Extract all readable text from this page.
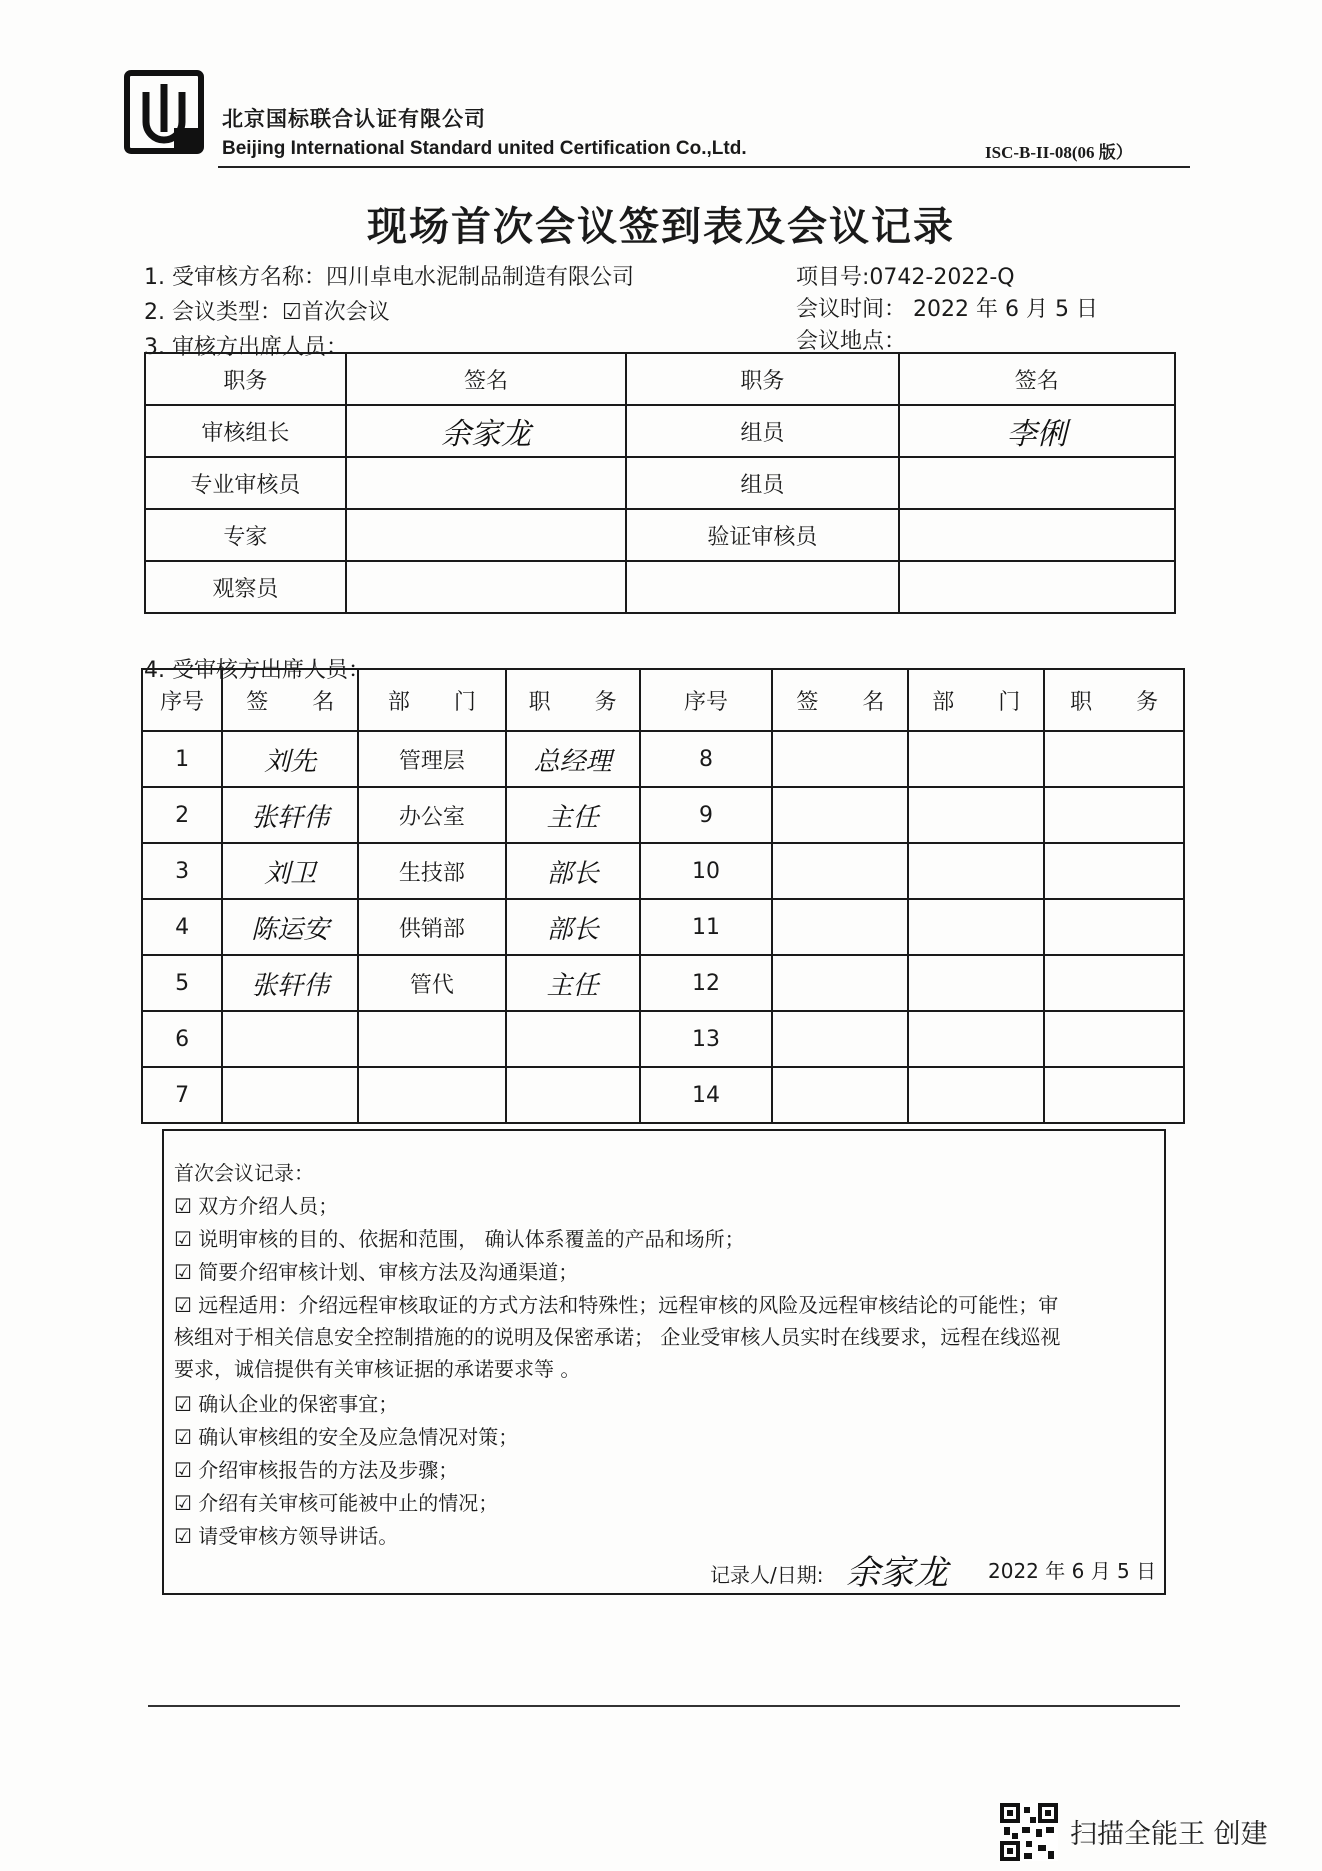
北京国标联合认证有限公司
Beijing International Standard united Certification Co.,Ltd.	ISC-B-II-08(06 版）
现场首次会议签到表及会议记录
1. 受审核方名称：四川卓电水泥制品制造有限公司	项目号:0742-2022-Q
2. 会议类型：☑首次会议	会议时间： 2022 年 6 月 5 日
3. 审核方出席人员：	会议地点：
职务	签名	职务	签名
审核组长	余家龙	组员	李俐
专业审核员		组员	
专家		验证审核员	
观察员			
4. 受审核方出席人员：
序号	签　　名	部　　门	职　　务	序号	签　　名	部　　门	职　　务
1	刘先	管理层	总经理	8			
2	张轩伟	办公室	主任	9			
3	刘卫	生技部	部长	10			
4	陈运安	供销部	部长	11			
5	张轩伟	管代	主任	12			
6				13			
7				14			
首次会议记录：
☑ 双方介绍人员；
☑ 说明审核的目的、依据和范围， 确认体系覆盖的产品和场所；
☑ 简要介绍审核计划、审核方法及沟通渠道；
☑ 远程适用：介绍远程审核取证的方式方法和特殊性；远程审核的风险及远程审核结论的可能性；审
核组对于相关信息安全控制措施的的说明及保密承诺； 企业受审核人员实时在线要求，远程在线巡视
要求，诚信提供有关审核证据的承诺要求等 。
☑ 确认企业的保密事宜；
☑ 确认审核组的安全及应急情况对策；
☑ 介绍审核报告的方法及步骤；
☑ 介绍有关审核可能被中止的情况；
☑ 请受审核方领导讲话。
记录人/日期: 余家龙 2022 年 6 月 5 日
扫描全能王 创建
